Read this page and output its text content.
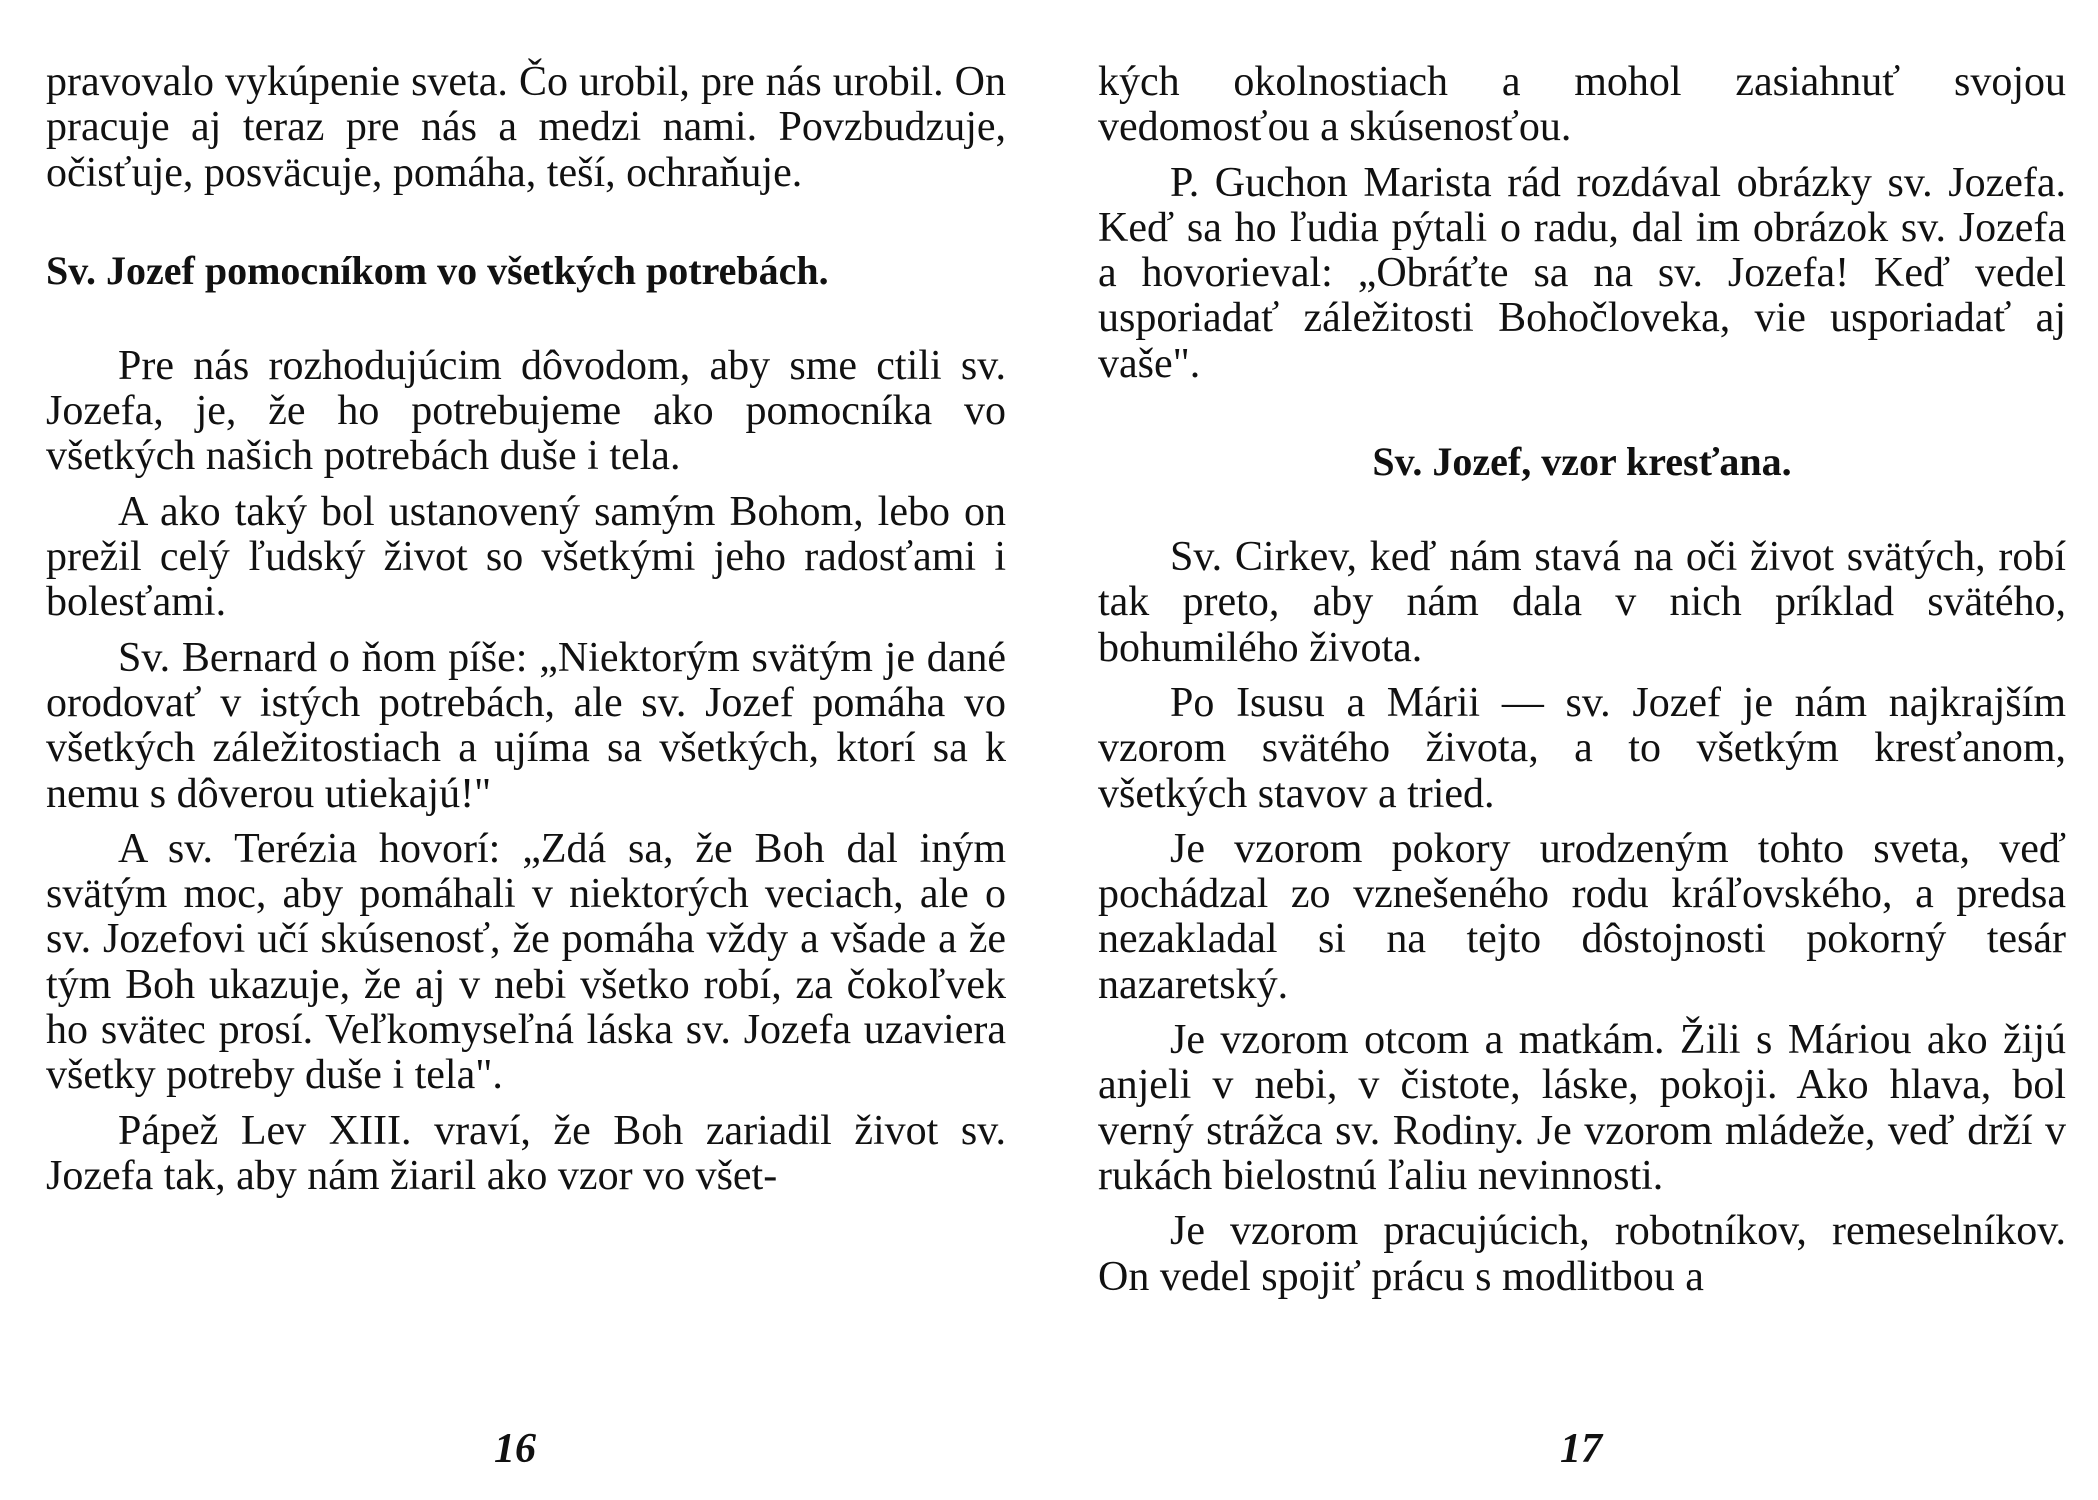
pravovalo vykúpenie sveta. Čo urobil, pre nás urobil. On pracuje aj teraz pre nás a medzi nami. Povzbudzuje, očisťuje, posväcuje, pomáha, teší, ochraňuje.

Sv. Jozef pomocníkom vo všetkých potrebách.

Pre nás rozhodujúcim dôvodom, aby sme ctili sv. Jozefa, je, že ho potrebujeme ako pomocníka vo všetkých našich potrebách duše i tela.

A ako taký bol ustanovený samým Bohom, lebo on prežil celý ľudský život so všetkými jeho radosťami i bolesťami.

Sv. Bernard o ňom píše: „Niektorým svätým je dané orodovať v istých potrebách, ale sv. Jozef pomáha vo všetkých záležitostiach a ujíma sa všetkých, ktorí sa k nemu s dôverou utiekajú!"

A sv. Terézia hovorí: „Zdá sa, že Boh dal iným svätým moc, aby pomáhali v niektorých veciach, ale o sv. Jozefovi učí skúsenosť, že pomáha vždy a všade a že tým Boh ukazuje, že aj v nebi všetko robí, za čokoľvek ho svätec prosí. Veľkomyseľná láska sv. Jozefa uzaviera všetky potreby duše i tela".

Pápež Lev XIII. vraví, že Boh zariadil život sv. Jozefa tak, aby nám žiaril ako vzor vo všet-

kých okolnostiach a mohol zasiahnuť svojou vedomosťou a skúsenosťou.

P. Guchon Marista rád rozdával obrázky sv. Jozefa. Keď sa ho ľudia pýtali o radu, dal im obrázok sv. Jozefa a hovorieval: „Obráťte sa na sv. Jozefa! Keď vedel usporiadať záležitosti Bohočloveka, vie usporiadať aj vaše".

Sv. Jozef, vzor kresťana.

Sv. Cirkev, keď nám stavá na oči život svätých, robí tak preto, aby nám dala v nich príklad svätého, bohumilého života.

Po Isusu a Márii — sv. Jozef je nám najkrajším vzorom svätého života, a to všetkým kresťanom, všetkých stavov a tried.

Je vzorom pokory urodzeným tohto sveta, veď pochádzal zo vznešeného rodu kráľovského, a predsa nezakladal si na tejto dôstojnosti pokorný tesár nazaretský.

Je vzorom otcom a matkám. Žili s Máriou ako žijú anjeli v nebi, v čistote, láske, pokoji. Ako hlava, bol verný strážca sv. Rodiny. Je vzorom mládeže, veď drží v rukách bielostnú ľaliu nevinnosti.

Je vzorom pracujúcich, robotníkov, remeselníkov. On vedel spojiť prácu s modlitbou a

16	17
